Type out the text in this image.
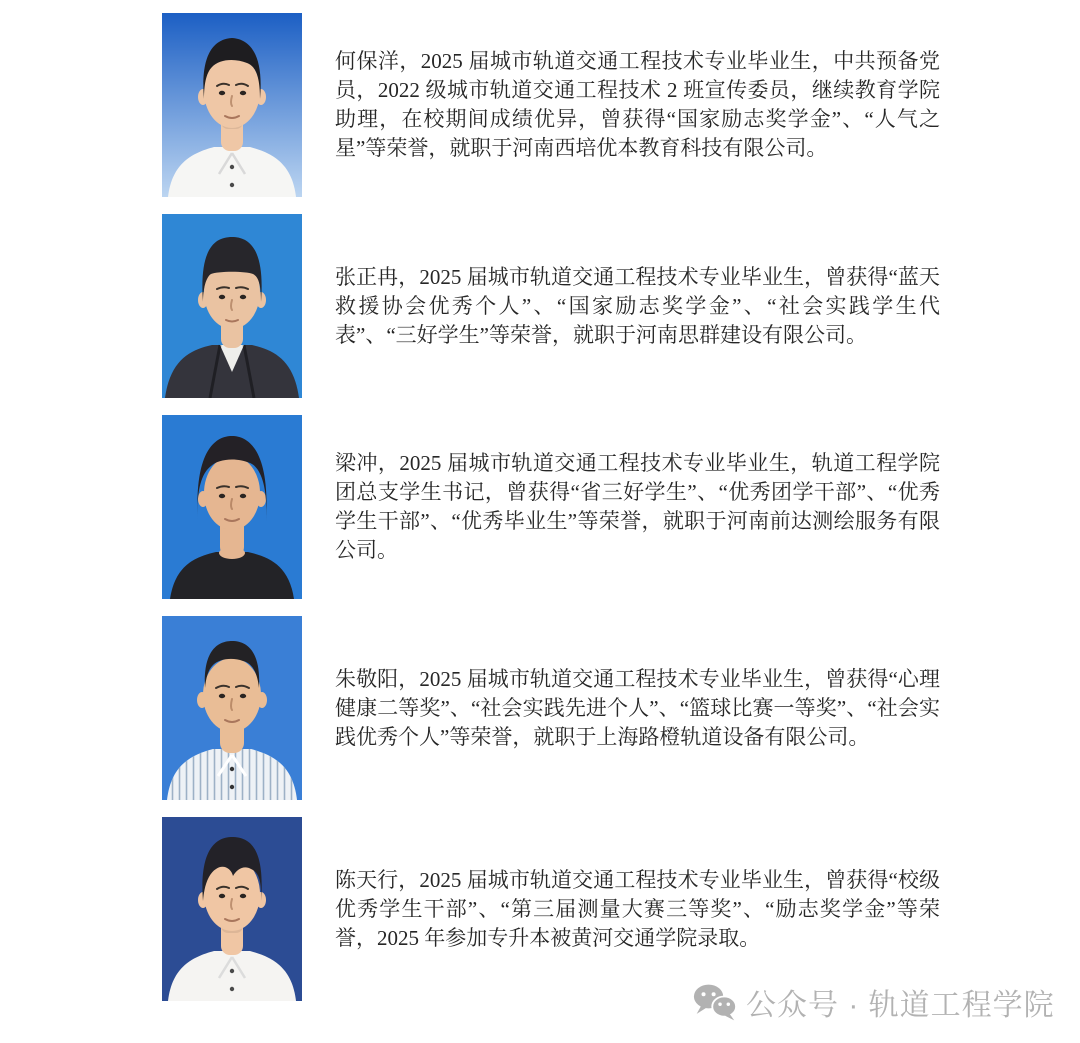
何保洋，2025 届城市轨道交通工程技术专业毕业生，中共预备党员，2022 级城市轨道交通工程技术 2 班宣传委员，继续教育学院助理，在校期间成绩优异，曾获得“国家励志奖学金”、“人气之星”等荣誉，就职于河南西培优本教育科技有限公司。

张正冉，2025 届城市轨道交通工程技术专业毕业生，曾获得“蓝天救援协会优秀个人”、“国家励志奖学金”、“社会实践学生代表”、“三好学生”等荣誉，就职于河南思群建设有限公司。

梁冲，2025 届城市轨道交通工程技术专业毕业生，轨道工程学院团总支学生书记，曾获得“省三好学生”、“优秀团学干部”、“优秀学生干部”、“优秀毕业生”等荣誉，就职于河南前达测绘服务有限公司。

朱敬阳，2025 届城市轨道交通工程技术专业毕业生，曾获得“心理健康二等奖”、“社会实践先进个人”、“篮球比赛一等奖”、“社会实践优秀个人”等荣誉，就职于上海路橙轨道设备有限公司。

陈天行，2025 届城市轨道交通工程技术专业毕业生，曾获得“校级优秀学生干部”、“第三届测量大赛三等奖”、“励志奖学金”等荣誉，2025 年参加专升本被黄河交通学院录取。

公众号 · 轨道工程学院
